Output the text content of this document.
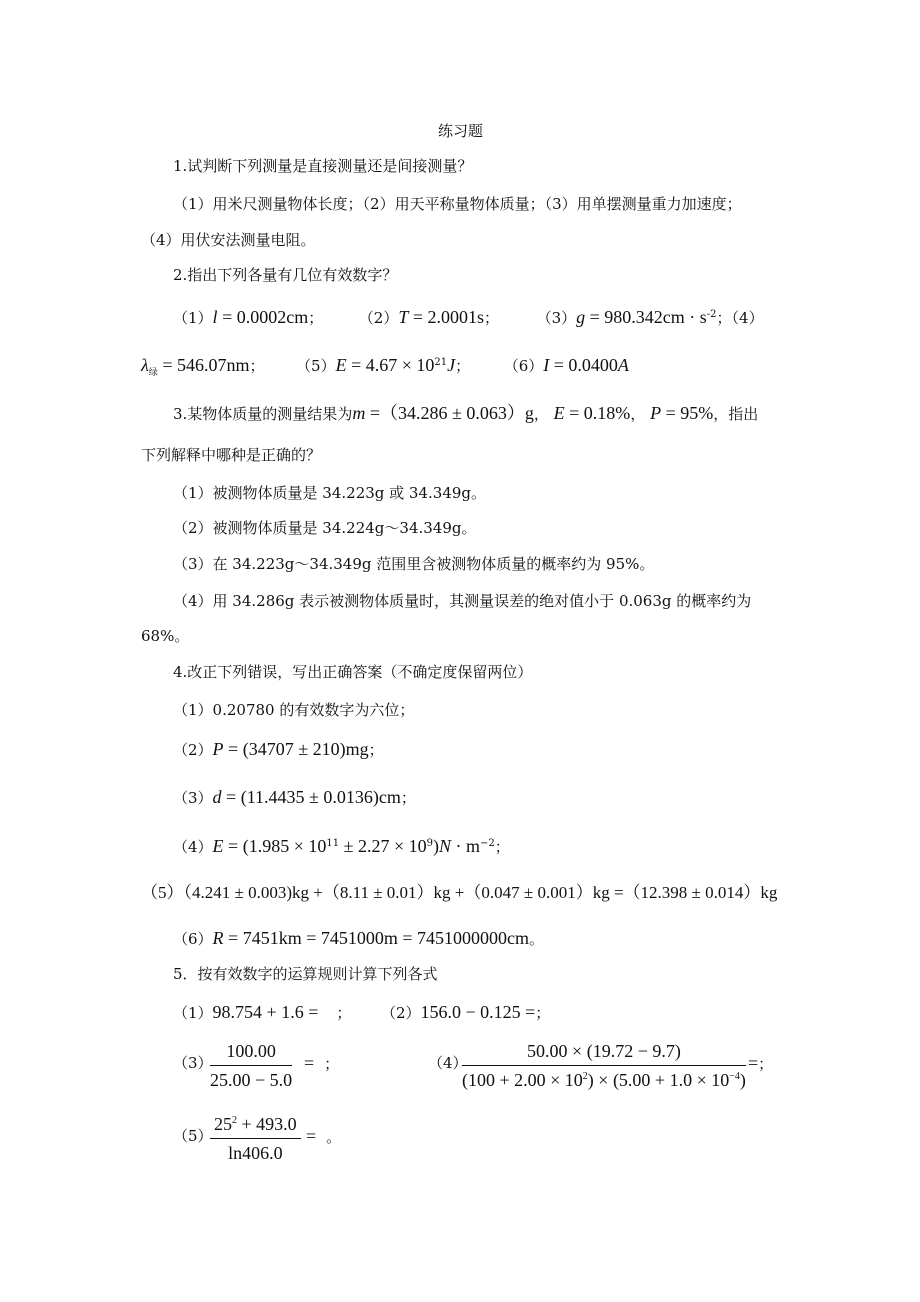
练习题
1.试判断下列测量是直接测量还是间接测量？
（1）用米尺测量物体长度；（2）用天平称量物体质量；（3）用单摆测量重力加速度；
（4）用伏安法测量电阻。
2.指出下列各量有几位有效数字？
（1）l = 0.0002cm； （2）T = 2.0001s；	$(3)g = 980.342cm \cdot s^{-2}$；（4）
$\lambda_绿 = 546.07nm$； $(5)E = 4.67 \times 10^{21}J$； （6）I = 0.0400A
3.某物体质量的测量结果为m =（34.286 ± 0.063）g， E = 0.18%， P = 95%，指出
下列解释中哪种是正确的？
（1）被测物体质量是 34.223g 或 34.349g。
（2）被测物体质量是 34.224g～34.349g。
（3）在 34.223g～34.349g 范围里含被测物体质量的概率约为 95%。
（4）用 34.286g 表示被测物体质量时，其测量误差的绝对值小于 0.063g 的概率约为
68%。
4.改正下列错误，写出正确答案（不确定度保留两位）
（1）0.20780 的有效数字为六位；
（2）P = (34707 ± 210)mg；
（3）d = (11.4435 ± 0.0136)cm；
$(4)E = (1.985 \times 10^{11} \pm 2.27 \times 10^9)N \cdot m^{-2}$；
（5）（4.241 ± 0.003)kg +（8.11 ± 0.01）kg +（0.047 ± 0.001）kg =（12.398 ± 0.014）kg
（6）R = 7451km = 7451000m = 7451000000cm。
5．按有效数字的运算规则计算下列各式
（1）98.754 + 1.6 = ； （2）156.0 − 0.125 =；
（3）
$\frac{100.00}{25.00 - 5.0}$ = ；	（4）
$\frac{50.00 \times (19.72 - 9.7)}{(100 + 2.00 \times 10^2) \times (5.00 + 1.0 \times 10^{-4})}$ =；
（5）
$\frac{25^2 + 493.0}{\ln 406.0}$ = 。
